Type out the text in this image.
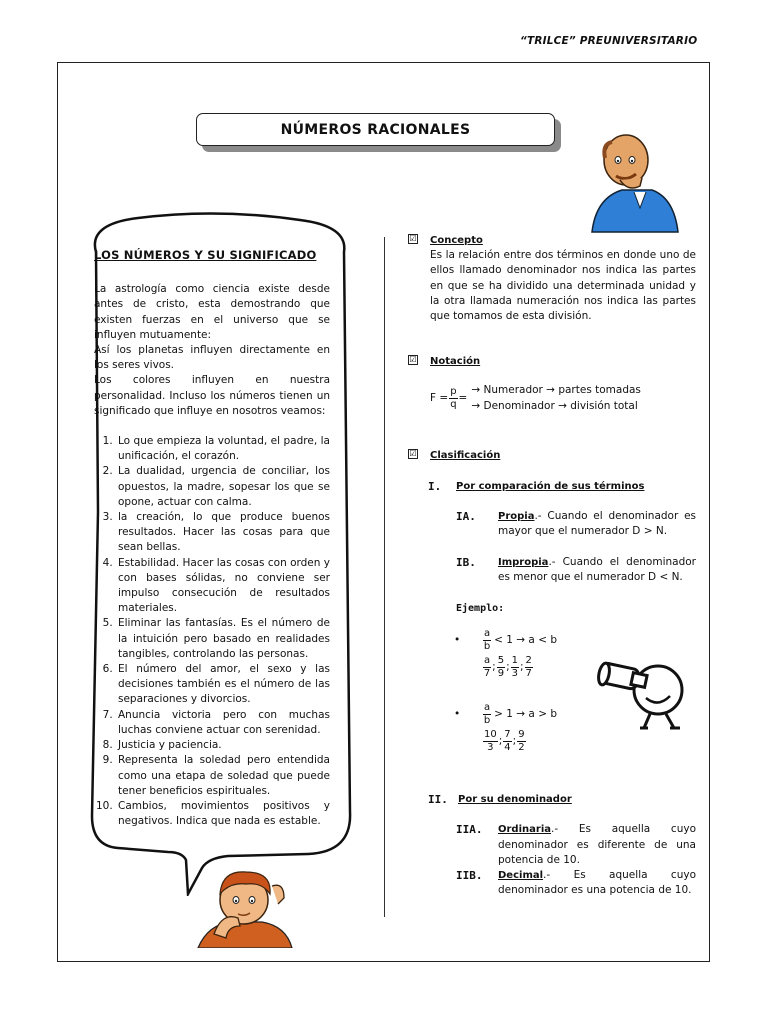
“TRILCE” PREUNIVERSITARIO
NÚMEROS RACIONALES
LOS NÚMEROS Y SU SIGNIFICADO
La astrología como ciencia existe desde antes de cristo, esta demostrando que existen fuerzas en el universo que se influyen mutuamente:
Así los planetas influyen directamente en los seres vivos.
Los colores influyen en nuestra personalidad. Incluso los números tienen un significado que influye en nosotros veamos:
1. Lo que empieza la voluntad, el padre, la unificación, el corazón.
2. La dualidad, urgencia de conciliar, los opuestos, la madre, sopesar los que se opone, actuar con calma.
3. la creación, lo que produce buenos resultados. Hacer las cosas para que sean bellas.
4. Estabilidad. Hacer las cosas con orden y con bases sólidas, no conviene ser impulso consecución de resultados materiales.
5. Eliminar las fantasías. Es el número de la intuición pero basado en realidades tangibles, controlando las personas.
6. El número del amor, el sexo y las decisiones también es el número de las separaciones y divorcios.
7. Anuncia victoria pero con muchas luchas conviene actuar con serenidad.
8. Justicia y paciencia.
9. Representa la soledad pero entendida como una etapa de soledad que puede tener beneficios espirituales.
10. Cambios, movimientos positivos y negativos. Indica que nada es estable.
☑ Concepto
Es la relación entre dos términos en donde uno de ellos llamado denominador nos indica las partes en que se ha dividido una determinada unidad y la otra llamada numeración nos indica las partes que tomamos de esta división.
☑ Notación
$F = \frac{p}{q}$ =
→ Numerador → partes tomadas
→ Denominador → división total
☑ Clasificación
I.	Por comparación de sus términos
IA.	Propia.- Cuando el denominador es mayor que el numerador D > N.
IB.	Impropia.- Cuando el denominador es menor que el numerador D < N.
Ejemplo:
•	$\frac{a}{b} < 1 \to a < b$
$\frac{a}{7}$ ; $\frac{5}{9}$ ; $\frac{1}{3}$ ; $\frac{2}{7}$
•	$\frac{a}{b} > 1 \to a > b$
$\frac{10}{3}$ ; $\frac{7}{4}$ ; $\frac{9}{2}$
II.	Por su denominador
IIA.	Ordinaria.- Es aquella cuyo denominador es diferente de una potencia de 10.
IIB.	Decimal.- Es aquella cuyo denominador es una potencia de 10.
